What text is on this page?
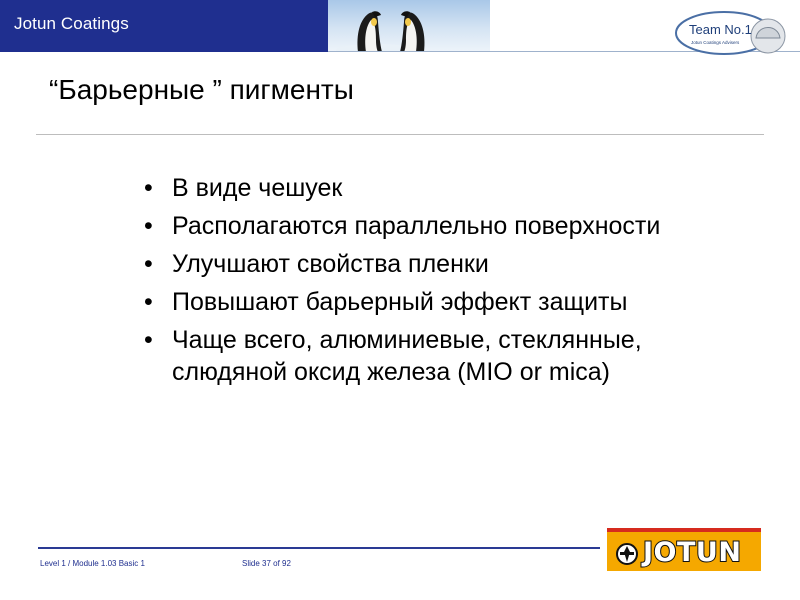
Jotun Coatings	Team No.1
Jotun Coatings Advisers
“Барьерные ” пигменты
• В виде чешуек
• Располагаются параллельно поверхности
• Улучшают свойства пленки
• Повышают барьерный эффект защиты
• Чаще всего, алюминиевые, стеклянные, слюдяной оксид железа (MIO or mica)
Level 1 / Module 1.03 Basic 1	Slide 37 of 92	JOTUN
